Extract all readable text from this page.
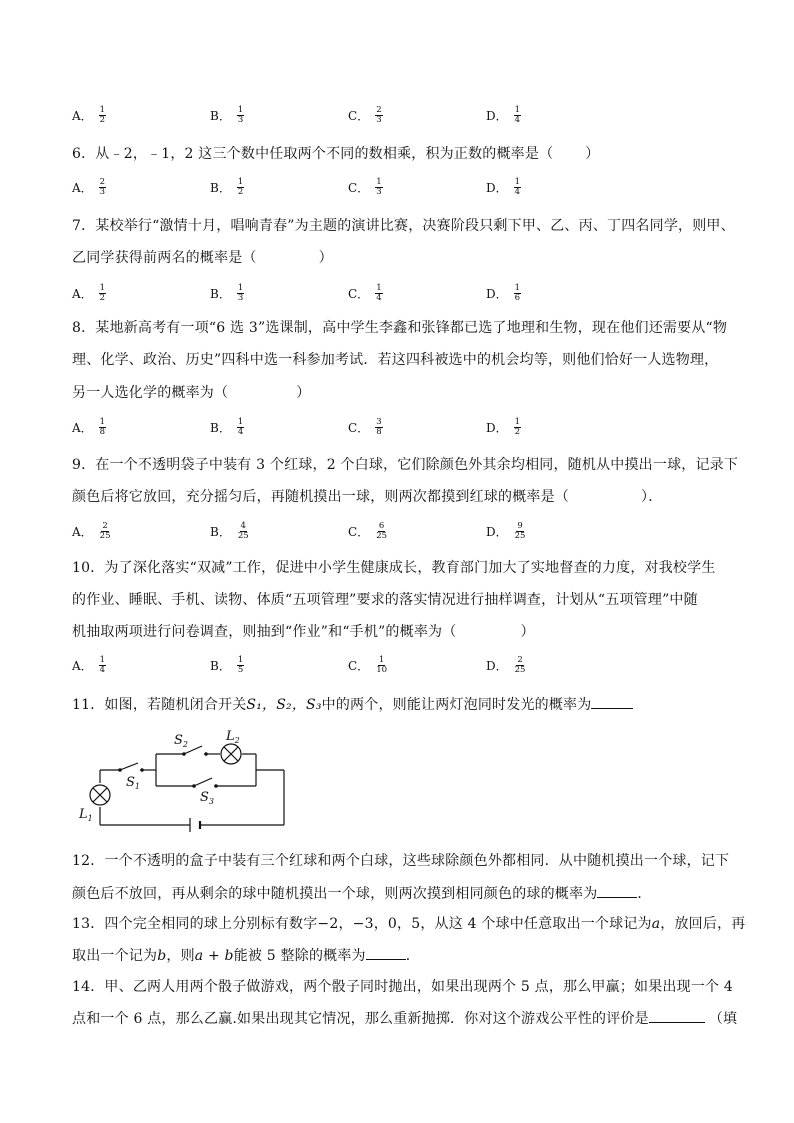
A． $\frac{1}{2}$	B． $\frac{1}{3}$	C． $\frac{2}{3}$	D． $\frac{1}{4}$
6．从﹣2，﹣1，2 这三个数中任取两个不同的数相乘，积为正数的概率是（ ）
A． $\frac{2}{3}$	B． $\frac{1}{2}$	C． $\frac{1}{3}$	D． $\frac{1}{4}$
7．某校举行“激情十月，唱响青春”为主题的演讲比赛，决赛阶段只剩下甲、乙、丙、丁四名同学，则甲、
乙同学获得前两名的概率是（	）
A． $\frac{1}{2}$	B． $\frac{1}{3}$	C． $\frac{1}{4}$	D． $\frac{1}{6}$
8．某地新高考有一项“6 选 3”选课制，高中学生李鑫和张锋都已选了地理和生物，现在他们还需要从“物
理、化学、政治、历史”四科中选一科参加考试．若这四科被选中的机会均等，则他们恰好一人选物理，
另一人选化学的概率为（	）
A． $\frac{1}{8}$	B． $\frac{1}{4}$	C． $\frac{3}{8}$	D． $\frac{1}{2}$
9．在一个不透明袋子中装有 3 个红球，2 个白球，它们除颜色外其余均相同，随机从中摸出一球，记录下
颜色后将它放回，充分摇匀后，再随机摸出一球，则两次都摸到红球的概率是（	）．
A． $\frac{2}{25}$	B． $\frac{4}{25}$	C． $\frac{6}{25}$	D． $\frac{9}{25}$
10．为了深化落实“双减”工作，促进中小学生健康成长，教育部门加大了实地督查的力度，对我校学生
的作业、睡眠、手机、读物、体质“五项管理”要求的落实情况进行抽样调查，计划从“五项管理”中随
机抽取两项进行问卷调查，则抽到“作业”和“手机”的概率为（	）
A． $\frac{1}{4}$	B． $\frac{1}{5}$	C． $\frac{1}{10}$	D． $\frac{2}{25}$
11．如图，若随机闭合开关S₁，S₂，S₃中的两个，则能让两灯泡同时发光的概率为
$S_2$
$L_2$
$S_1$
$S_3$
$L_1$
12．一个不透明的盒子中装有三个红球和两个白球，这些球除颜色外都相同．从中随机摸出一个球，记下
颜色后不放回，再从剩余的球中随机摸出一个球，则两次摸到相同颜色的球的概率为	．
13．四个完全相同的球上分别标有数字−2，−3，0，5，从这 4 个球中任意取出一个球记为a，放回后，再
取出一个记为b，则a + b能被 5 整除的概率为	．
14．甲、乙两人用两个骰子做游戏，两个骰子同时抛出，如果出现两个 5 点，那么甲赢；如果出现一个 4
点和一个 6 点，那么乙赢.如果出现其它情况，那么重新抛掷．你对这个游戏公平性的评价是	（填
